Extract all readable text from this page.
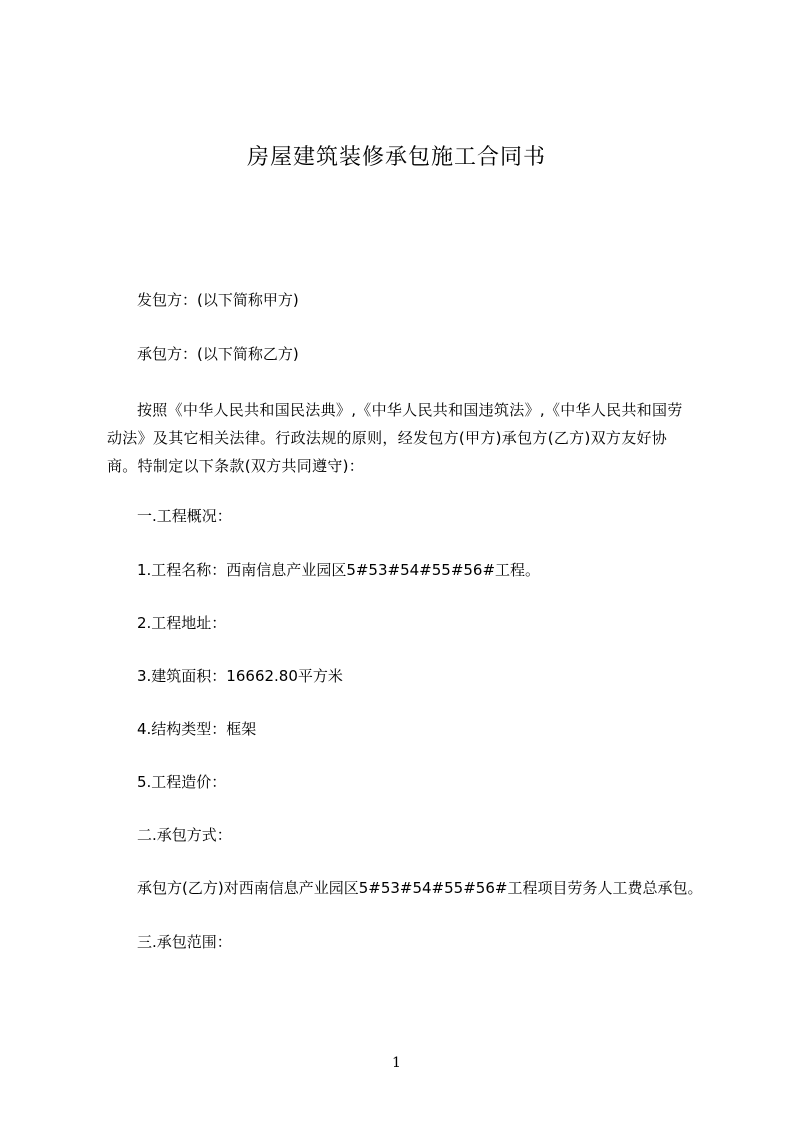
房屋建筑装修承包施工合同书
发包方：(以下简称甲方)
承包方：(以下简称乙方)
按照《中华人民共和国民法典》,《中华人民共和国违筑法》,《中华人民共和国劳动法》及其它相关法律。行政法规的原则，经发包方(甲方)承包方(乙方)双方友好协商。特制定以下条款(双方共同遵守)：
一.工程概况：
1.工程名称：西南信息产业园区5#53#54#55#56#工程。
2.工程地址：
3.建筑面积：16662.80平方米
4.结构类型：框架
5.工程造价：
二.承包方式：
承包方(乙方)对西南信息产业园区5#53#54#55#56#工程项目劳务人工费总承包。
三.承包范围：
1
